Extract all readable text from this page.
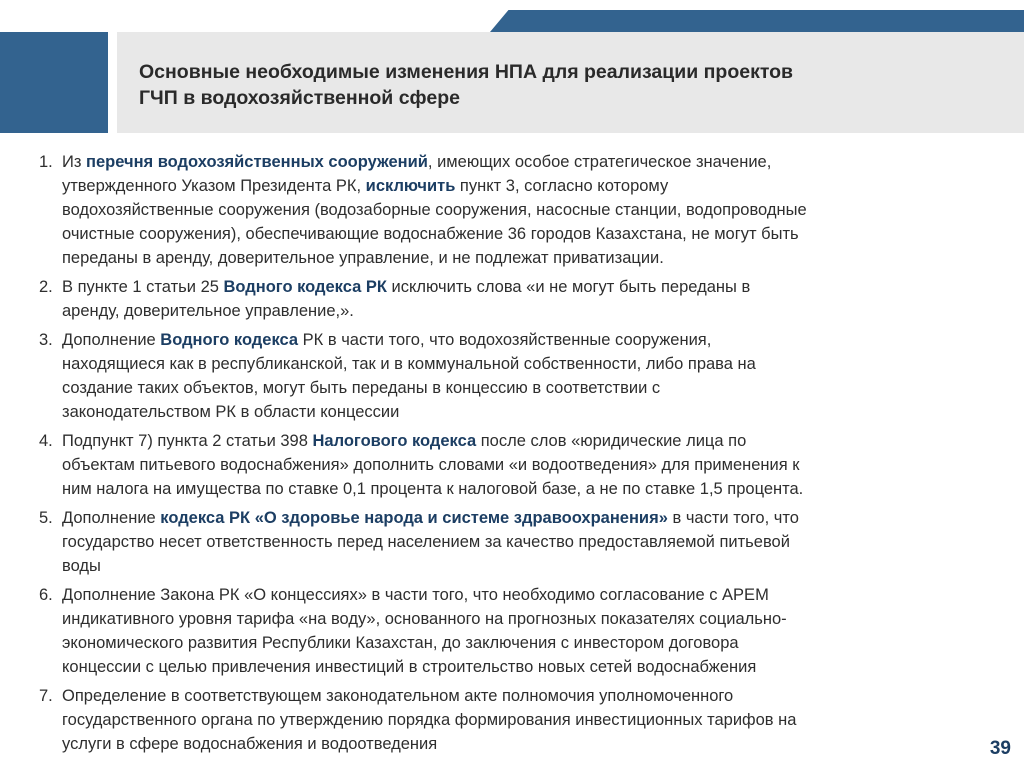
Основные необходимые изменения НПА для реализации проектов
ГЧП в водохозяйственной сфере
1. Из перечня водохозяйственных сооружений, имеющих особое стратегическое значение,
утвержденного Указом Президента РК, исключить пункт 3, согласно которому
водохозяйственные сооружения (водозаборные сооружения, насосные станции, водопроводные
очистные сооружения), обеспечивающие водоснабжение 36 городов Казахстана, не могут быть
переданы в аренду, доверительное управление, и не подлежат приватизации.
2. В пункте 1 статьи 25 Водного кодекса РК исключить слова «и не могут быть переданы в
аренду, доверительное управление,».
3. Дополнение Водного кодекса РК в части того, что водохозяйственные сооружения,
находящиеся как в республиканской, так и в коммунальной собственности, либо права на
создание таких объектов, могут быть переданы в концессию в соответствии с
законодательством РК в области концессии
4. Подпункт 7) пункта 2 статьи 398 Налогового кодекса после слов «юридические лица по
объектам питьевого водоснабжения» дополнить словами «и водоотведения» для применения к
ним налога на имущества по ставке 0,1 процента к налоговой базе, а не по ставке 1,5 процента.
5. Дополнение кодекса РК «О здоровье народа и системе здравоохранения» в части того, что
государство несет ответственность перед населением за качество предоставляемой питьевой
воды
6. Дополнение Закона РК «О концессиях» в части того, что необходимо согласование с АРЕМ
индикативного уровня тарифа «на воду», основанного на прогнозных показателях социально-
экономического развития Республики Казахстан, до заключения с инвестором договора
концессии с целью привлечения инвестиций в строительство новых сетей водоснабжения
7. Определение в соответствующем законодательном акте полномочия уполномоченного
государственного органа по утверждению порядка формирования инвестиционных тарифов на
услуги в сфере водоснабжения и водоотведения	39
